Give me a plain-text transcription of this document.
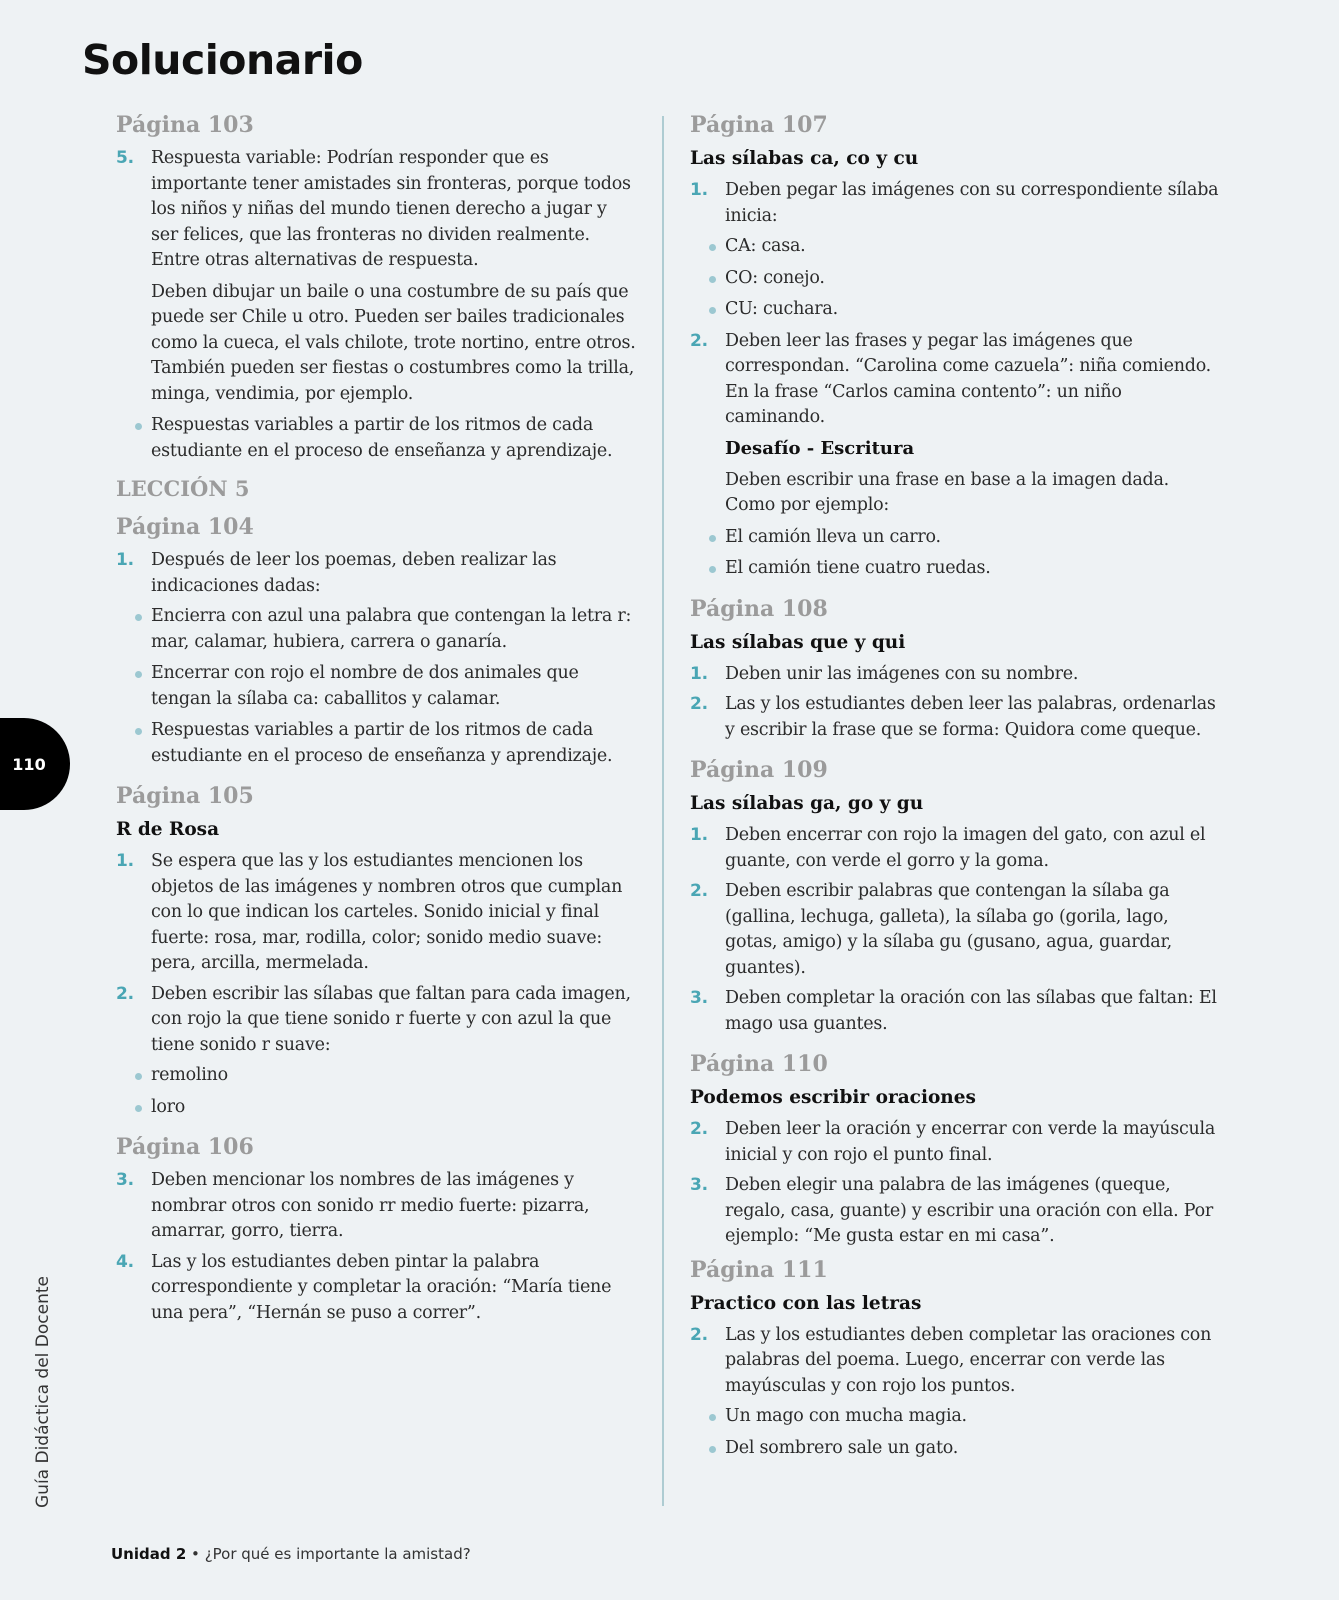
Solucionario
110
Guía Didáctica del Docente
Página 103
5. Respuesta variable: Podrían responder que es importante tener amistades sin fronteras, porque todos los niños y niñas del mundo tienen derecho a jugar y ser felices, que las fronteras no dividen realmente. Entre otras alternativas de respuesta.
Deben dibujar un baile o una costumbre de su país que puede ser Chile u otro. Pueden ser bailes tradicionales como la cueca, el vals chilote, trote nortino, entre otros. También pueden ser fiestas o costumbres como la trilla, minga, vendimia, por ejemplo.
Respuestas variables a partir de los ritmos de cada estudiante en el proceso de enseñanza y aprendizaje.
LECCIÓN 5
Página 104
1. Después de leer los poemas, deben realizar las indicaciones dadas:
Encierra con azul una palabra que contengan la letra r: mar, calamar, hubiera, carrera o ganaría.
Encerrar con rojo el nombre de dos animales que tengan la sílaba ca: caballitos y calamar.
Respuestas variables a partir de los ritmos de cada estudiante en el proceso de enseñanza y aprendizaje.
Página 105
R de Rosa
1. Se espera que las y los estudiantes mencionen los objetos de las imágenes y nombren otros que cumplan con lo que indican los carteles. Sonido inicial y final fuerte: rosa, mar, rodilla, color; sonido medio suave: pera, arcilla, mermelada.
2. Deben escribir las sílabas que faltan para cada imagen, con rojo la que tiene sonido r fuerte y con azul la que tiene sonido r suave:
remolino
loro
Página 106
3. Deben mencionar los nombres de las imágenes y nombrar otros con sonido rr medio fuerte: pizarra, amarrar, gorro, tierra.
4. Las y los estudiantes deben pintar la palabra correspondiente y completar la oración: “María tiene una pera”, “Hernán se puso a correr”.
Página 107
Las sílabas ca, co y cu
1. Deben pegar las imágenes con su correspondiente sílaba inicia:
CA: casa.
CO: conejo.
CU: cuchara.
2. Deben leer las frases y pegar las imágenes que correspondan. “Carolina come cazuela”: niña comiendo. En la frase “Carlos camina contento”: un niño caminando.
Desafío - Escritura
Deben escribir una frase en base a la imagen dada. Como por ejemplo:
El camión lleva un carro.
El camión tiene cuatro ruedas.
Página 108
Las sílabas que y qui
1. Deben unir las imágenes con su nombre.
2. Las y los estudiantes deben leer las palabras, ordenarlas y escribir la frase que se forma: Quidora come queque.
Página 109
Las sílabas ga, go y gu
1. Deben encerrar con rojo la imagen del gato, con azul el guante, con verde el gorro y la goma.
2. Deben escribir palabras que contengan la sílaba ga (gallina, lechuga, galleta), la sílaba go (gorila, lago, gotas, amigo) y la sílaba gu (gusano, agua, guardar, guantes).
3. Deben completar la oración con las sílabas que faltan: El mago usa guantes.
Página 110
Podemos escribir oraciones
2. Deben leer la oración y encerrar con verde la mayúscula inicial y con rojo el punto final.
3. Deben elegir una palabra de las imágenes (queque, regalo, casa, guante) y escribir una oración con ella. Por ejemplo: “Me gusta estar en mi casa”.
Página 111
Practico con las letras
2. Las y los estudiantes deben completar las oraciones con palabras del poema. Luego, encerrar con verde las mayúsculas y con rojo los puntos.
Un mago con mucha magia.
Del sombrero sale un gato.
Unidad 2 • ¿Por qué es importante la amistad?
